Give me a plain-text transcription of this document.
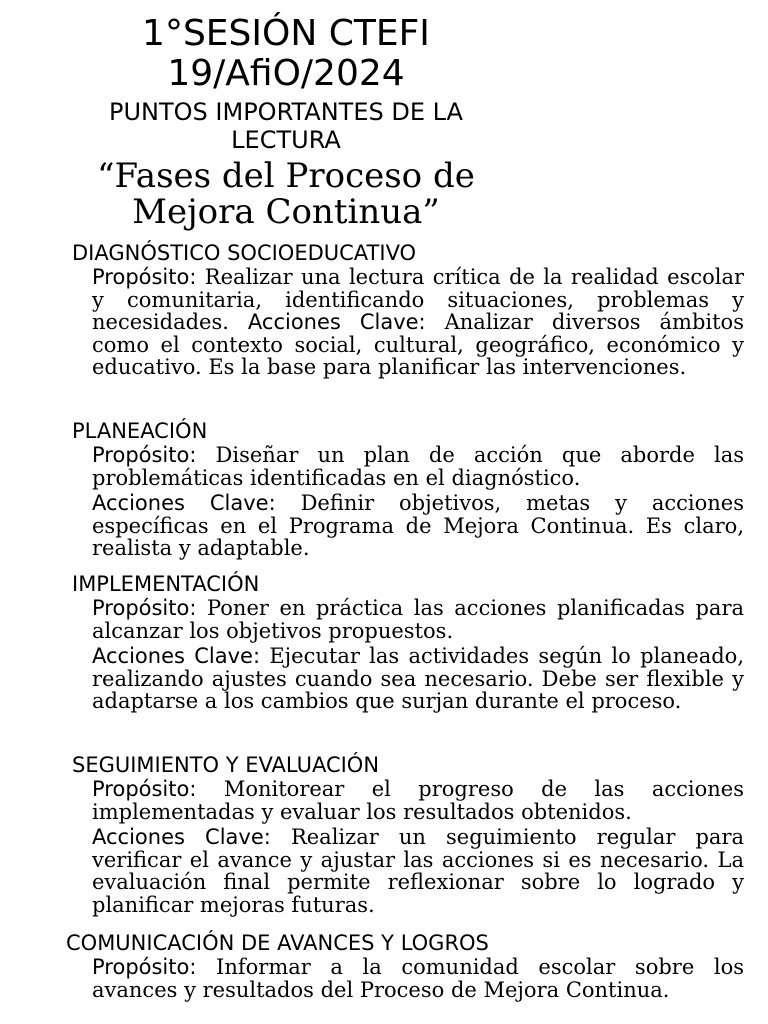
1°SESIÓN CTEFI
19/AfiO/2024
PUNTOS IMPORTANTES DE LA LECTURA
“Fases del Proceso de Mejora Continua”
DIAGNÓSTICO SOCIOEDUCATIVO

Propósito: Realizar una lectura crítica de la realidad escolar y comunitaria, identificando situaciones, problemas y necesidades. Acciones Clave: Analizar diversos ámbitos como el contexto social, cultural, geográfico, económico y educativo. Es la base para planificar las intervenciones.

PLANEACIÓN

Propósito: Diseñar un plan de acción que aborde las problemáticas identificadas en el diagnóstico.

Acciones Clave: Definir objetivos, metas y acciones específicas en el Programa de Mejora Continua. Es claro, realista y adaptable.

IMPLEMENTACIÓN

Propósito: Poner en práctica las acciones planificadas para alcanzar los objetivos propuestos.

Acciones Clave: Ejecutar las actividades según lo planeado, realizando ajustes cuando sea necesario. Debe ser flexible y adaptarse a los cambios que surjan durante el proceso.

SEGUIMIENTO Y EVALUACIÓN

Propósito: Monitorear el progreso de las acciones implementadas y evaluar los resultados obtenidos.

Acciones Clave: Realizar un seguimiento regular para verificar el avance y ajustar las acciones si es necesario. La evaluación final permite reflexionar sobre lo logrado y planificar mejoras futuras.

COMUNICACIÓN DE AVANCES Y LOGROS

Propósito: Informar a la comunidad escolar sobre los avances y resultados del Proceso de Mejora Continua.
